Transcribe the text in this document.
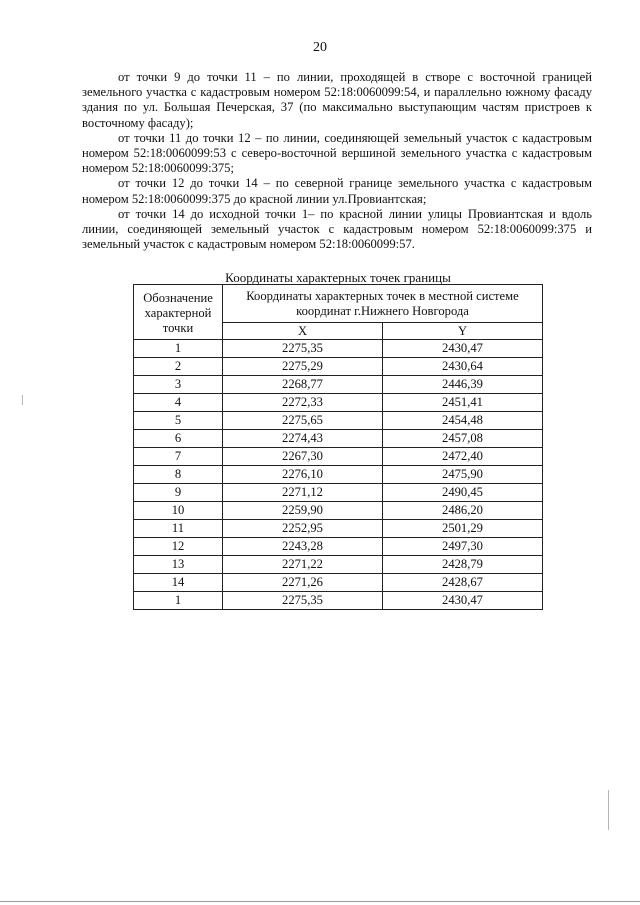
20

от точки 9 до точки 11 – по линии, проходящей в створе с восточной границей земельного участка с кадастровым номером 52:18:0060099:54, и параллельно южному фасаду здания по ул. Большая Печерская, 37 (по максимально выступающим частям пристроев к восточному фасаду);

от точки 11 до точки 12 – по линии, соединяющей земельный участок с кадастровым номером 52:18:0060099:53 с северо-восточной вершиной земельного участка с кадастровым номером 52:18:0060099:375;

от точки 12 до точки 14 – по северной границе земельного участка с кадастровым номером 52:18:0060099:375 до красной линии ул.Провиантская;

от точки 14 до исходной точки 1– по красной линии улицы Провиантская и вдоль линии, соединяющей земельный участок с кадастровым номером 52:18:0060099:375 и земельный участок с кадастровым номером 52:18:0060099:57.

Координаты характерных точек границы
Обозначение характерной точки	Координаты характерных точек в местной системе координат г.Нижнего Новгорода	
	X	Y
1	2275,35	2430,47
2	2275,29	2430,64
3	2268,77	2446,39
4	2272,33	2451,41
5	2275,65	2454,48
6	2274,43	2457,08
7	2267,30	2472,40
8	2276,10	2475,90
9	2271,12	2490,45
10	2259,90	2486,20
11	2252,95	2501,29
12	2243,28	2497,30
13	2271,22	2428,79
14	2271,26	2428,67
1	2275,35	2430,47
